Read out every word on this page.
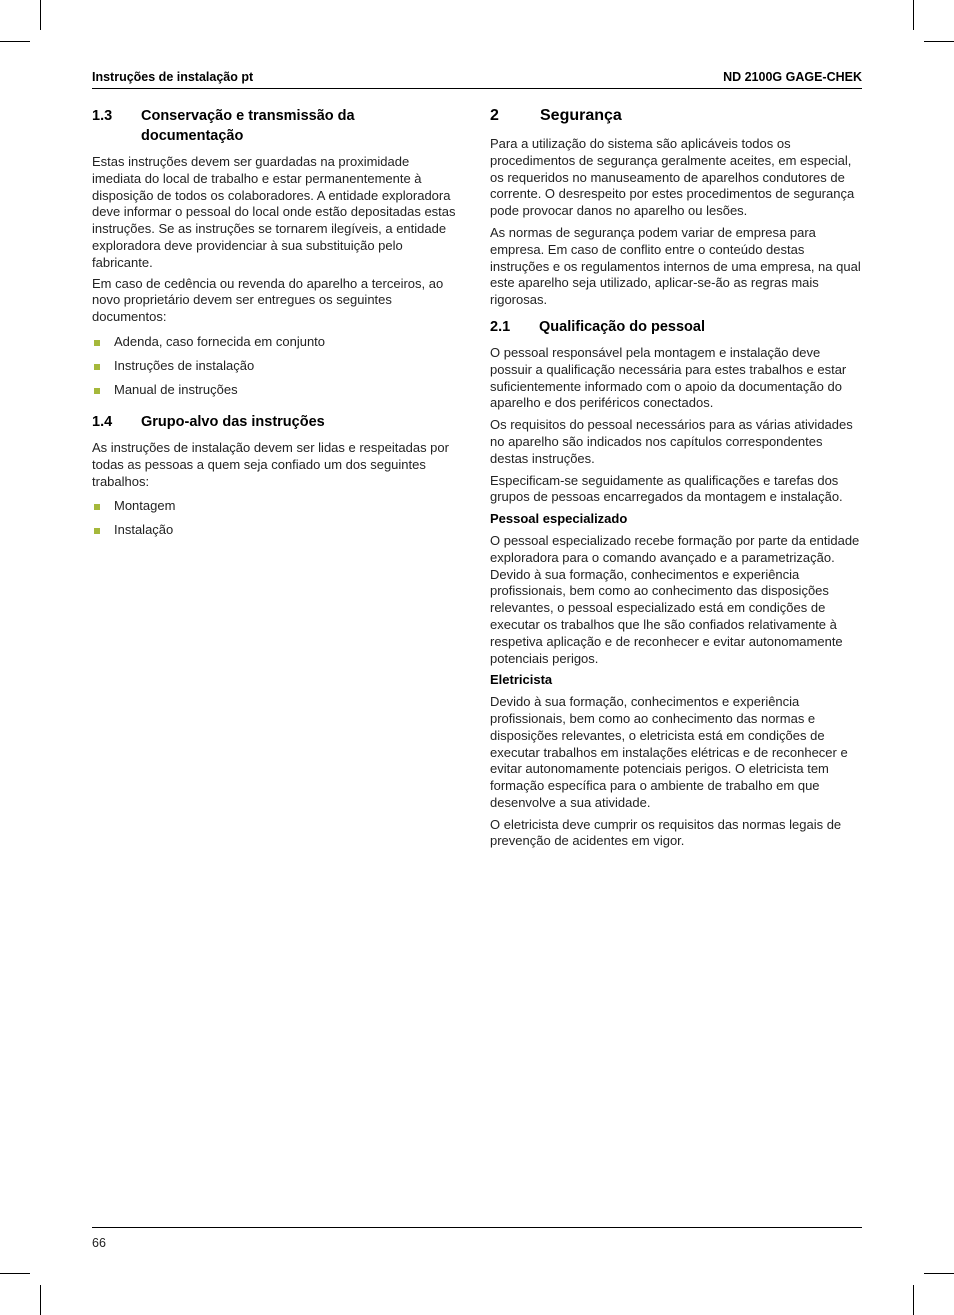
Instruções de instalação pt	ND 2100G GAGE-CHEK
1.3	Conservação e transmissão da documentação

Estas instruções devem ser guardadas na proximidade imediata do local de trabalho e estar permanentemente à disposição de todos os colaboradores. A entidade exploradora deve informar o pessoal do local onde estão depositadas estas instruções. Se as instruções se tornarem ilegíveis, a entidade exploradora deve providenciar à sua substituição pelo fabricante.

Em caso de cedência ou revenda do aparelho a terceiros, ao novo proprietário devem ser entregues os seguintes documentos:

Adenda, caso fornecida em conjunto
Instruções de instalação
Manual de instruções
1.4	Grupo-alvo das instruções

As instruções de instalação devem ser lidas e respeitadas por todas as pessoas a quem seja confiado um dos seguintes trabalhos:

Montagem
Instalação
2	Segurança

Para a utilização do sistema são aplicáveis todos os procedimentos de segurança geralmente aceites, em especial, os requeridos no manuseamento de aparelhos condutores de corrente. O desrespeito por estes procedimentos de segurança pode provocar danos no aparelho ou lesões.

As normas de segurança podem variar de empresa para empresa. Em caso de conflito entre o conteúdo destas instruções e os regulamentos internos de uma empresa, na qual este aparelho seja utilizado, aplicar-se-ão as regras mais rigorosas.

2.1	Qualificação do pessoal

O pessoal responsável pela montagem e instalação deve possuir a qualificação necessária para estes trabalhos e estar suficientemente informado com o apoio da documentação do aparelho e dos periféricos conectados.

Os requisitos do pessoal necessários para as várias atividades no aparelho são indicados nos capítulos correspondentes destas instruções.

Especificam-se seguidamente as qualificações e tarefas dos grupos de pessoas encarregados da montagem e instalação.

Pessoal especializado

O pessoal especializado recebe formação por parte da entidade exploradora para o comando avançado e a parametrização. Devido à sua formação, conhecimentos e experiência profissionais, bem como ao conhecimento das disposições relevantes, o pessoal especializado está em condições de executar os trabalhos que lhe são confiados relativamente à respetiva aplicação e de reconhecer e evitar autonomamente potenciais perigos.

Eletricista

Devido à sua formação, conhecimentos e experiência profissionais, bem como ao conhecimento das normas e disposições relevantes, o eletricista está em condições de executar trabalhos em instalações elétricas e de reconhecer e evitar autonomamente potenciais perigos. O eletricista tem formação específica para o ambiente de trabalho em que desenvolve a sua atividade.

O eletricista deve cumprir os requisitos das normas legais de prevenção de acidentes em vigor.

66
